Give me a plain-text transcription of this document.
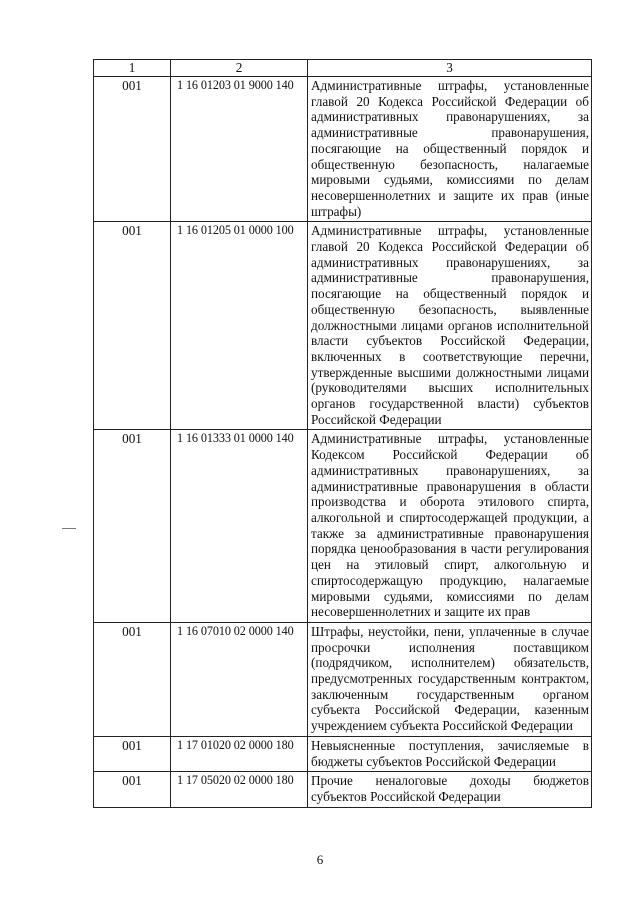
1	2	3
001	1 16 01203 01 9000 140	Административные штрафы, установленные главой 20 Кодекса Российской Федерации об административных правонарушениях, за административные правонарушения, посягающие на общественный порядок и общественную безопасность, налагаемые мировыми судьями, комиссиями по делам несовершеннолетних и защите их прав (иные штрафы)
001	1 16 01205 01 0000 100	Административные штрафы, установленные главой 20 Кодекса Российской Федерации об административных правонарушениях, за административные правонарушения, посягающие на общественный порядок и общественную безопасность, выявленные должностными лицами органов исполнительной власти субъектов Российской Федерации, включенных в соответствующие перечни, утвержденные высшими должностными лицами (руководителями высших исполнительных органов государственной власти) субъектов Российской Федерации
001	1 16 01333 01 0000 140	Административные штрафы, установленные Кодексом Российской Федерации об административных правонарушениях, за административные правонарушения в области производства и оборота этилового спирта, алкогольной и спиртосодержащей продукции, а также за административные правонарушения порядка ценообразования в части регулирования цен на этиловый спирт, алкогольную и спиртосодержащую продукцию, налагаемые мировыми судьями, комиссиями по делам несовершеннолетних и защите их прав
001	1 16 07010 02 0000 140	Штрафы, неустойки, пени, уплаченные в случае просрочки исполнения поставщиком (подрядчиком, исполнителем) обязательств, предусмотренных государственным контрактом, заключенным государственным органом субъекта Российской Федерации, казенным учреждением субъекта Российской Федерации
001	1 17 01020 02 0000 180	Невыясненные поступления, зачисляемые в бюджеты субъектов Российской Федерации
001	1 17 05020 02 0000 180	Прочие неналоговые доходы бюджетов субъектов Российской Федерации
6
